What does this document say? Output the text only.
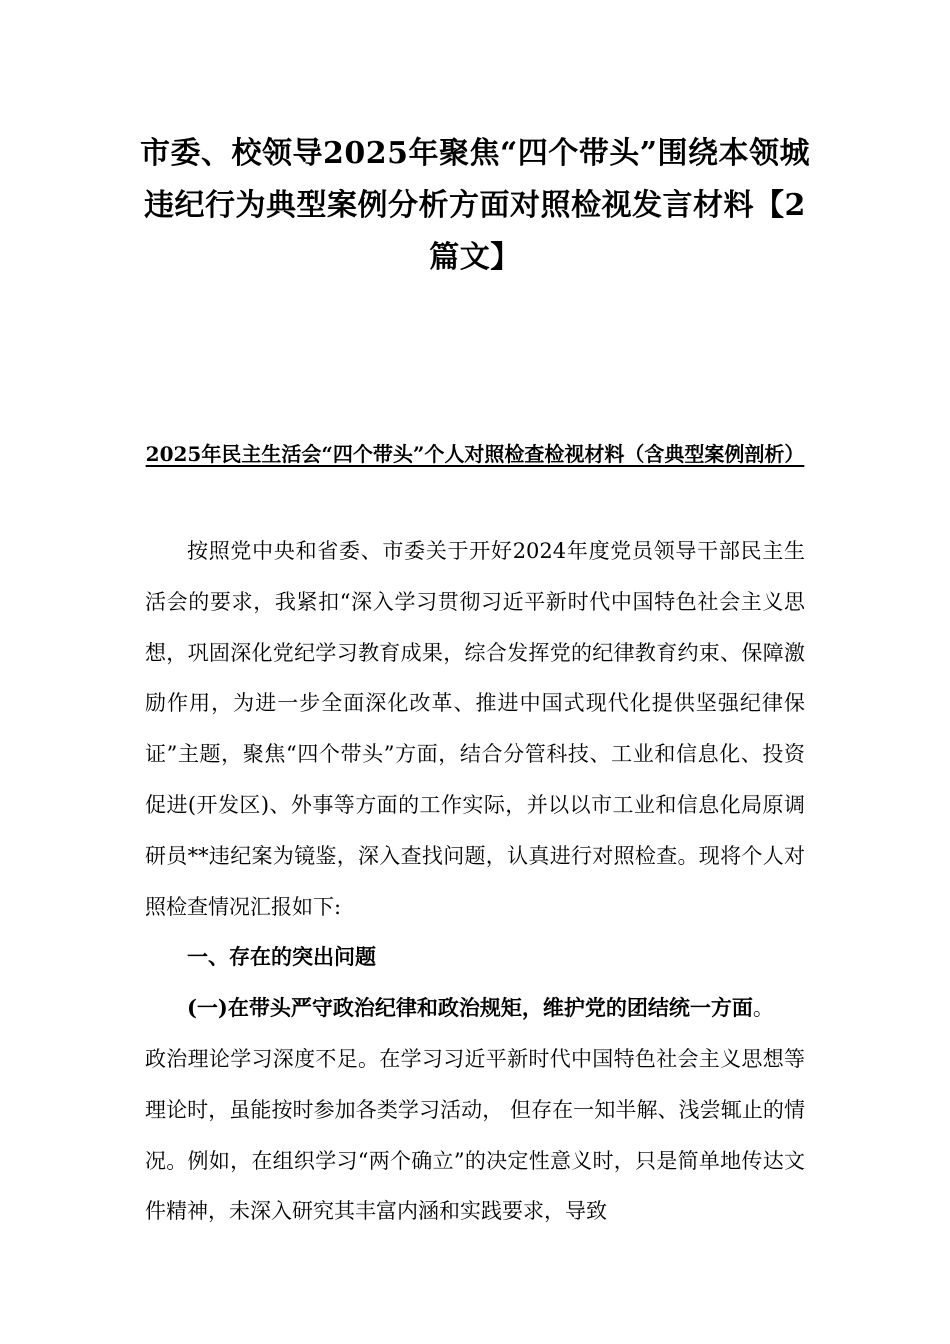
市委、校领导2025年聚焦“四个带头”围绕本领城违纪行为典型案例分析方面对照检视发言材料【2篇文】
2025年民主生活会“四个带头”个人对照检查检视材料（含典型案例剖析）

按照党中央和省委、市委关于开好2024年度党员领导干部民主生活会的要求，我紧扣“深入学习贯彻习近平新时代中国特色社会主义思想，巩固深化党纪学习教育成果，综合发挥党的纪律教育约束、保障激励作用，为进一步全面深化改革、推进中国式现代化提供坚强纪律保证”主题，聚焦“四个带头”方面，结合分管科技、工业和信息化、投资促进(开发区)、外事等方面的工作实际，并以以市工业和信息化局原调研员**违纪案为镜鉴，深入查找问题，认真进行对照检查。现将个人对照检查情况汇报如下:

一、存在的突出问题

(一)在带头严守政治纪律和政治规矩，维护党的团结统一方面。

政治理论学习深度不足。在学习习近平新时代中国特色社会主义思想等理论时，虽能按时参加各类学习活动， 但存在一知半解、浅尝辄止的情况。例如，在组织学习“两个确立”的决定性意义时，只是简单地传达文件精神，未深入研究其丰富内涵和实践要求，导致
